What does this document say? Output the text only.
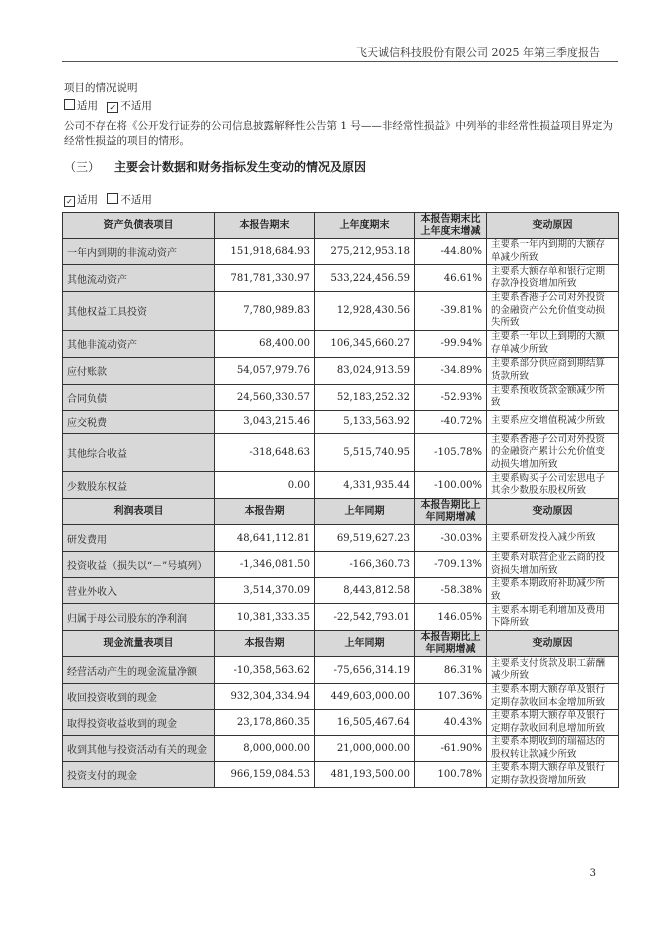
飞天诚信科技股份有限公司 2025 年第三季度报告
项目的情况说明
适用 ✓ 不适用
公司不存在将《公开发行证券的公司信息披露解释性公告第 1 号——非经常性损益》中列举的非经常性损益项目界定为
经常性损益的项目的情形。
（三） 主要会计数据和财务指标发生变动的情况及原因
✓ 适用 不适用
资产负债表项目	本报告期末	上年度期末	本报告期末比上年度末增减	变动原因
一年内到期的非流动资产	151,918,684.93	275,212,953.18	-44.80%	主要系一年内到期的大额存单减少所致
其他流动资产	781,781,330.97	533,224,456.59	46.61%	主要系大额存单和银行定期存款净投资增加所致
其他权益工具投资	7,780,989.83	12,928,430.56	-39.81%	主要系香港子公司对外投资的金融资产公允价值变动损失所致
其他非流动资产	68,400.00	106,345,660.27	-99.94%	主要系一年以上到期的大额存单减少所致
应付账款	54,057,979.76	83,024,913.59	-34.89%	主要系部分供应商到期结算货款所致
合同负债	24,560,330.57	52,183,252.32	-52.93%	主要系预收货款金额减少所致
应交税费	3,043,215.46	5,133,563.92	-40.72%	主要系应交增值税减少所致
其他综合收益	-318,648.63	5,515,740.95	-105.78%	主要系香港子公司对外投资的金融资产累计公允价值变动损失增加所致
少数股东权益	0.00	4,331,935.44	-100.00%	主要系购买子公司宏思电子其余少数股东股权所致
利润表项目	本报告期	上年同期	本报告期比上年同期增减	变动原因
研发费用	48,641,112.81	69,519,627.23	-30.03%	主要系研发投入减少所致
投资收益（损失以“－”号填列）	-1,346,081.50	-166,360.73	-709.13%	主要系对联营企业云商的投资损失增加所致
营业外收入	3,514,370.09	8,443,812.58	-58.38%	主要系本期政府补助减少所致
归属于母公司股东的净利润	10,381,333.35	-22,542,793.01	146.05%	主要系本期毛利增加及费用下降所致
现金流量表项目	本报告期	上年同期	本报告期比上年同期增减	变动原因
经营活动产生的现金流量净额	-10,358,563.62	-75,656,314.19	86.31%	主要系支付货款及职工薪酬减少所致
收回投资收到的现金	932,304,334.94	449,603,000.00	107.36%	主要系本期大额存单及银行定期存款收回本金增加所致
取得投资收益收到的现金	23,178,860.35	16,505,467.64	40.43%	主要系本期大额存单及银行定期存款收回利息增加所致
收到其他与投资活动有关的现金	8,000,000.00	21,000,000.00	-61.90%	主要系本期收到的瑞福达的股权转让款减少所致
投资支付的现金	966,159,084.53	481,193,500.00	100.78%	主要系本期大额存单及银行定期存款投资增加所致
3
